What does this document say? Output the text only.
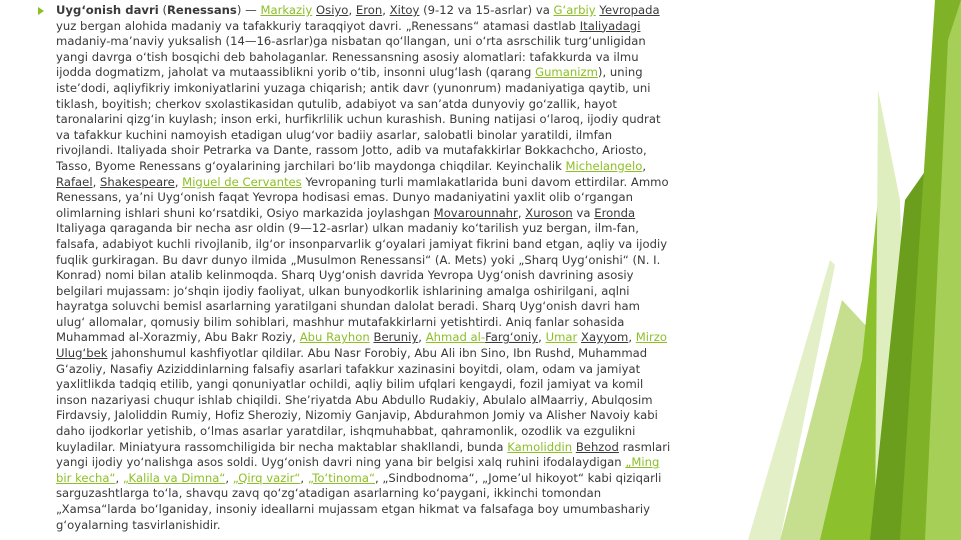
Uyg‘onish davri (Renessans) — Markaziy Osiyo, Eron, Xitoy (9-12 va 15-asrlar) va G‘arbiy Yevropada
yuz bergan alohida madaniy va tafakkuriy taraqqiyot davri. „Renessans“ atamasi dastlab Italiyadagi
madaniy-ma’naviy yuksalish (14—16-asrlar)ga nisbatan qo‘llangan, uni o‘rta asrschilik turg‘unligidan
yangi davrga o‘tish bosqichi deb baholaganlar. Renessansning asosiy alomatlari: tafakkurda va ilmu
ijodda dogmatizm, jaholat va mutaassiblikni yorib o‘tib, insonni ulug‘lash (qarang Gumanizm), uning
iste’dodi, aqliyfikriy imkoniyatlarini yuzaga chiqarish; antik davr (yunonrum) madaniyatiga qaytib, uni
tiklash, boyitish; cherkov sxolastikasidan qutulib, adabiyot va san’atda dunyoviy go‘zallik, hayot
taronalarini qizg‘in kuylash; inson erki, hurfikrlilik uchun kurashish. Buning natijasi o‘laroq, ijodiy qudrat
va tafakkur kuchini namoyish etadigan ulug‘vor badiiy asarlar, salobatli binolar yaratildi, ilmfan
rivojlandi. Italiyada shoir Petrarka va Dante, rassom Jotto, adib va mutafakkirlar Bokkachcho, Ariosto,
Tasso, Byome Renessans g‘oyalarining jarchilari bo‘lib maydonga chiqdilar. Keyinchalik Michelangelo,
Rafael, Shakespeare, Miguel de Cervantes Yevropaning turli mamlakatlarida buni davom ettirdilar. Ammo
Renessans, ya’ni Uyg‘onish faqat Yevropa hodisasi emas. Dunyo madaniyatini yaxlit olib o‘rgangan
olimlarning ishlari shuni ko‘rsatdiki, Osiyo markazida joylashgan Movarounnahr, Xuroson va Eronda
Italiyaga qaraganda bir necha asr oldin (9—12-asrlar) ulkan madaniy ko‘tarilish yuz bergan, ilm-fan,
falsafa, adabiyot kuchli rivojlanib, ilg‘or insonparvarlik g‘oyalari jamiyat fikrini band etgan, aqliy va ijodiy
fuqlik gurkiragan. Bu davr dunyo ilmida „Musulmon Renessansi“ (A. Mets) yoki „Sharq Uyg‘onishi“ (N. I.
Konrad) nomi bilan atalib kelinmoqda. Sharq Uyg‘onish davrida Yevropa Uyg‘onish davrining asosiy
belgilari mujassam: jo‘shqin ijodiy faoliyat, ulkan bunyodkorlik ishlarining amalga oshirilgani, aqlni
hayratga soluvchi bemisl asarlarning yaratilgani shundan dalolat beradi. Sharq Uyg‘onish davri ham
ulug‘ allomalar, qomusiy bilim sohiblari, mashhur mutafakkirlarni yetishtirdi. Aniq fanlar sohasida
Muhammad al-Xorazmiy, Abu Bakr Roziy, Abu Rayhon Beruniy, Ahmad al-Farg‘oniy, Umar Xayyom, Mirzo
Ulug‘bek jahonshumul kashfiyotlar qildilar. Abu Nasr Forobiy, Abu Ali ibn Sino, Ibn Rushd, Muhammad
G‘azoliy, Nasafiy Aziziddinlarning falsafiy asarlari tafakkur xazinasini boyitdi, olam, odam va jamiyat
yaxlitlikda tadqiq etilib, yangi qonuniyatlar ochildi, aqliy bilim ufqlari kengaydi, fozil jamiyat va komil
inson nazariyasi chuqur ishlab chiqildi. She’riyatda Abu Abdullo Rudakiy, Abulalo alMaarriy, Abulqosim
Firdavsiy, Jaloliddin Rumiy, Hofiz Sheroziy, Nizomiy Ganjavip, Abdurahmon Jomiy va Alisher Navoiy kabi
daho ijodkorlar yetishib, o‘lmas asarlar yaratdilar, ishqmuhabbat, qahramonlik, ozodlik va ezgulikni
kuyladilar. Miniatyura rassomchiligida bir necha maktablar shakllandi, bunda Kamoliddin Behzod rasmlari
yangi ijodiy yo‘nalishga asos soldi. Uyg‘onish davri ning yana bir belgisi xalq ruhini ifodalaydigan „Ming
bir kecha“, „Kalila va Dimna“, „Qirq vazir“, „To‘tinoma“, „Sindbodnoma“, „Jome’ul hikoyot“ kabi qiziqarli
sarguzashtlarga to‘la, shavqu zavq qo‘zg‘atadigan asarlarning ko‘paygani, ikkinchi tomondan
„Xamsa“larda bo‘lganiday, insoniy ideallarni mujassam etgan hikmat va falsafaga boy umumbashariy
g‘oyalarning tasvirlanishidir.
